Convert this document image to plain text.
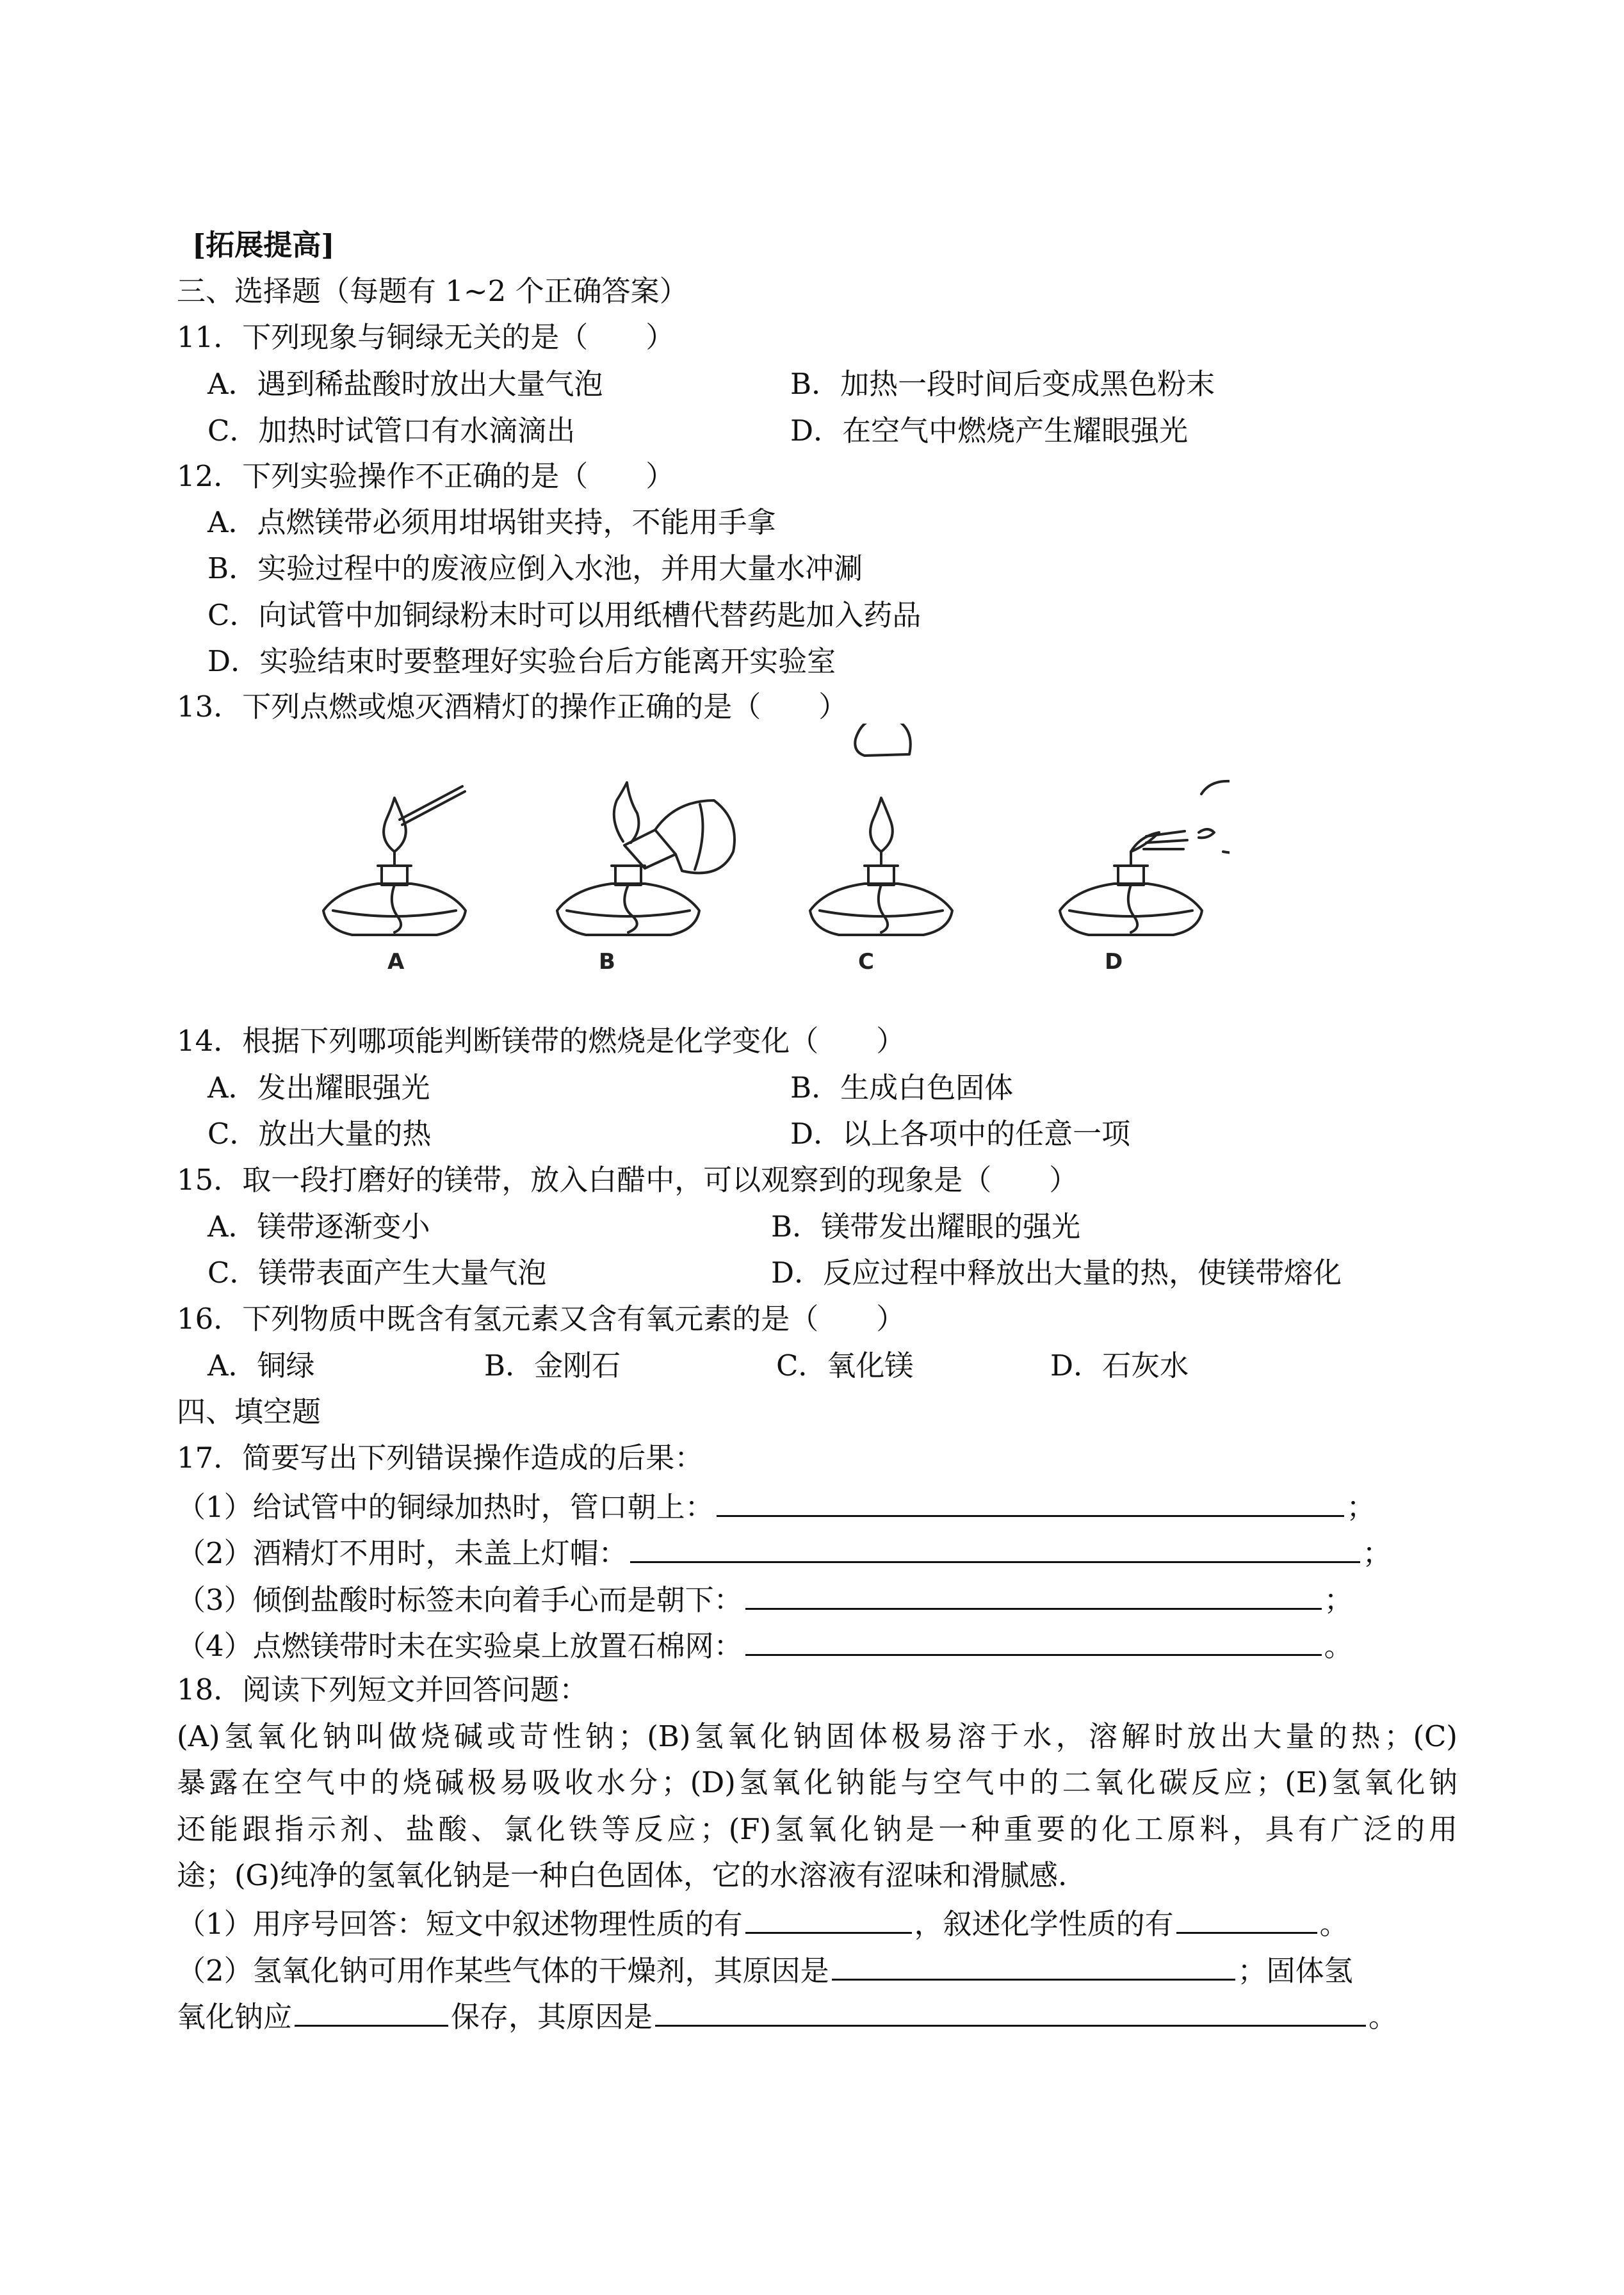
[拓展提高]
三、选择题（每题有 1~2 个正确答案）
11．下列现象与铜绿无关的是（　　）
A．遇到稀盐酸时放出大量气泡	B．加热一段时间后变成黑色粉末
C．加热时试管口有水滴滴出	D．在空气中燃烧产生耀眼强光
12．下列实验操作不正确的是（　　）
A．点燃镁带必须用坩埚钳夹持，不能用手拿
B．实验过程中的废液应倒入水池，并用大量水冲涮
C．向试管中加铜绿粉末时可以用纸槽代替药匙加入药品
D．实验结束时要整理好实验台后方能离开实验室
13．下列点燃或熄灭酒精灯的操作正确的是（　　）
A	B	C	D
14．根据下列哪项能判断镁带的燃烧是化学变化（　　）
A．发出耀眼强光	B．生成白色固体
C．放出大量的热	D．以上各项中的任意一项
15．取一段打磨好的镁带，放入白醋中，可以观察到的现象是（　　）
A．镁带逐渐变小	B．镁带发出耀眼的强光
C．镁带表面产生大量气泡	D．反应过程中释放出大量的热，使镁带熔化
16．下列物质中既含有氢元素又含有氧元素的是（　　）
A．铜绿	B．金刚石	C．氧化镁	D．石灰水
四、填空题
17．简要写出下列错误操作造成的后果：
（1）给试管中的铜绿加热时，管口朝上：	；
（2）酒精灯不用时，未盖上灯帽：	；
（3）倾倒盐酸时标签未向着手心而是朝下：	；
（4）点燃镁带时未在实验桌上放置石棉网：	。
18．阅读下列短文并回答问题：
(A)氢氧化钠叫做烧碱或苛性钠；(B)氢氧化钠固体极易溶于水，溶解时放出大量的热；(C)
暴露在空气中的烧碱极易吸收水分；(D)氢氧化钠能与空气中的二氧化碳反应；(E)氢氧化钠
还能跟指示剂、盐酸、氯化铁等反应；(F)氢氧化钠是一种重要的化工原料，具有广泛的用
途；(G)纯净的氢氧化钠是一种白色固体，它的水溶液有涩味和滑腻感.
（1）用序号回答：短文中叙述物理性质的有	，叙述化学性质的有	。
（2）氢氧化钠可用作某些气体的干燥剂，其原因是	；固体氢
氧化钠应	保存，其原因是	。
